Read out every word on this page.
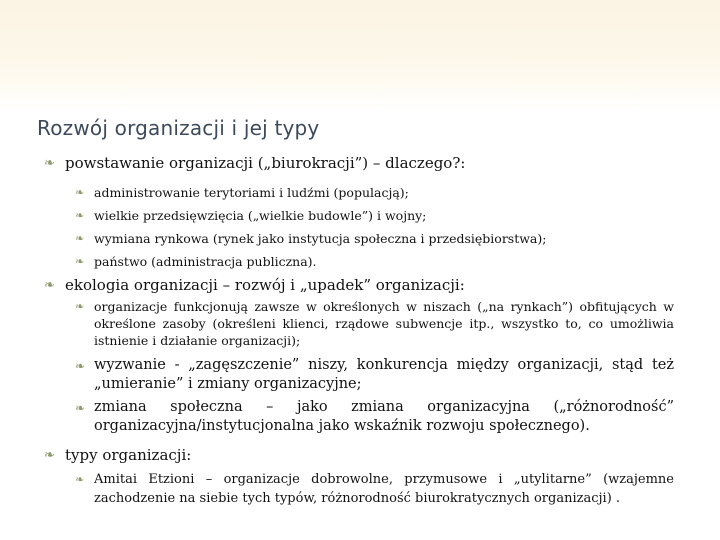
Rozwój organizacji i jej typy
❧ powstawanie organizacji („biurokracji”) – dlaczego?:
❧ administrowanie terytoriami i ludźmi (populacją);
❧ wielkie przedsięwzięcia („wielkie budowle”) i wojny;
❧ wymiana rynkowa (rynek jako instytucja społeczna i przedsiębiorstwa);
❧ państwo (administracja publiczna).
❧ ekologia organizacji – rozwój i „upadek” organizacji:
❧ organizacje funkcjonują zawsze w określonych w niszach („na rynkach”) obfitujących w określone zasoby (określeni klienci, rządowe subwencje itp., wszystko to, co umożliwia istnienie i działanie organizacji);
❧ wyzwanie - „zagęszczenie” niszy, konkurencja między organizacji, stąd też „umieranie” i zmiany organizacyjne;
❧ zmiana społeczna – jako zmiana organizacyjna („różnorodność” organizacyjna/instytucjonalna jako wskaźnik rozwoju społecznego).
❧ typy organizacji:
❧ Amitai Etzioni – organizacje dobrowolne, przymusowe i „utylitarne” (wzajemne zachodzenie na siebie tych typów, różnorodność biurokratycznych organizacji) .
